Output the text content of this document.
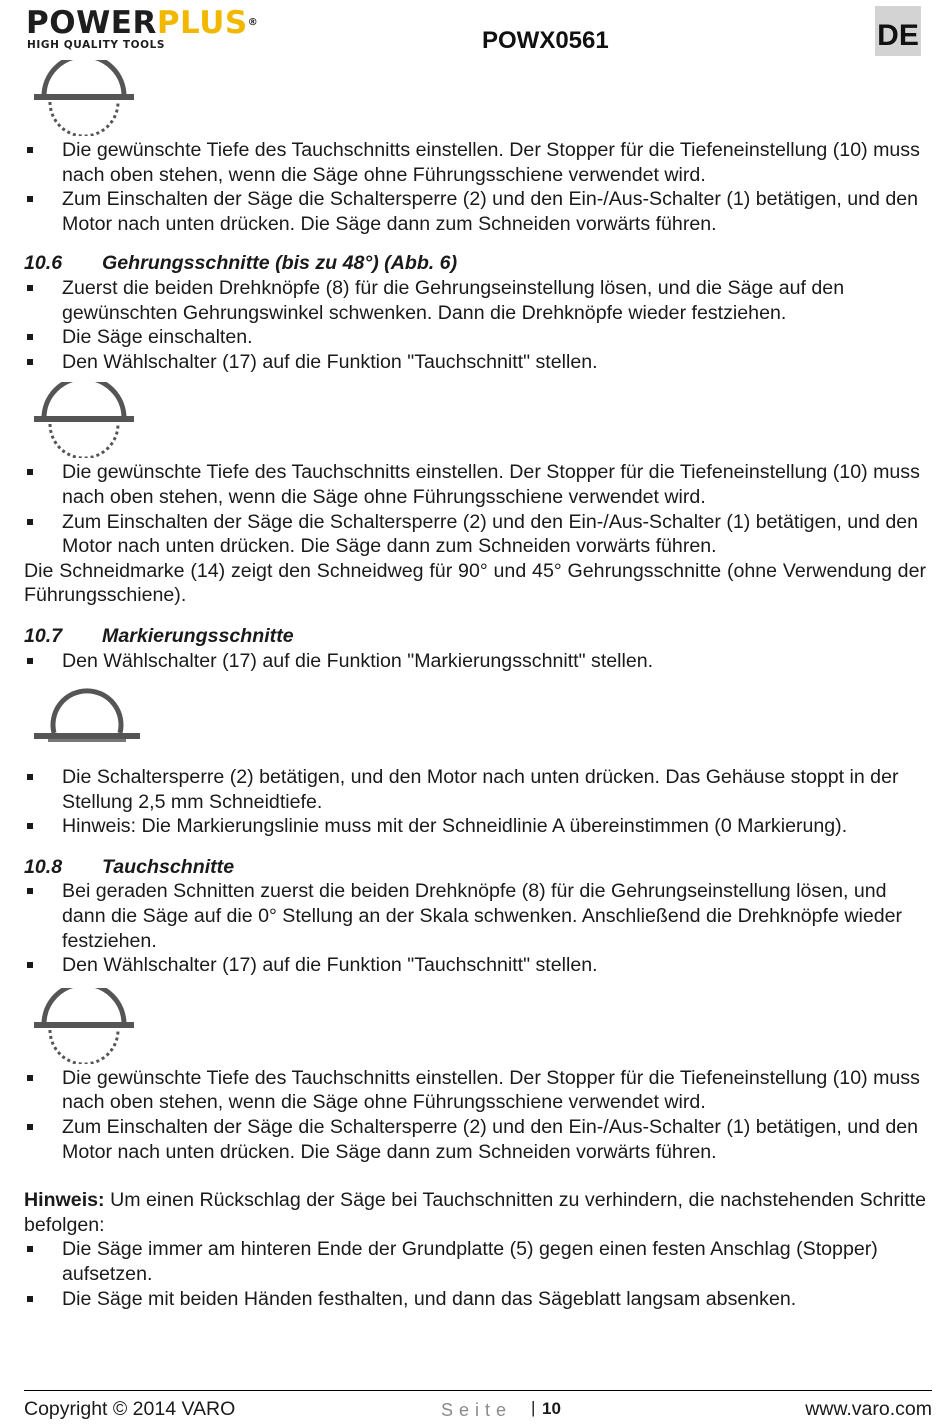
POWERPLUS®
HIGH QUALITY TOOLS	POWX0561	DE
Die gewünschte Tiefe des Tauchschnitts einstellen. Der Stopper für die Tiefeneinstellung (10) muss nach oben stehen, wenn die Säge ohne Führungsschiene verwendet wird.
Zum Einschalten der Säge die Schaltersperre (2) und den Ein-/Aus-Schalter (1) betätigen, und den Motor nach unten drücken. Die Säge dann zum Schneiden vorwärts führen.
10.6 Gehrungsschnitte (bis zu 48°) (Abb. 6)
Zuerst die beiden Drehknöpfe (8) für die Gehrungseinstellung lösen, und die Säge auf den gewünschten Gehrungswinkel schwenken. Dann die Drehknöpfe wieder festziehen.
Die Säge einschalten.
Den Wählschalter (17) auf die Funktion "Tauchschnitt" stellen.
Die gewünschte Tiefe des Tauchschnitts einstellen. Der Stopper für die Tiefeneinstellung (10) muss nach oben stehen, wenn die Säge ohne Führungsschiene verwendet wird.
Zum Einschalten der Säge die Schaltersperre (2) und den Ein-/Aus-Schalter (1) betätigen, und den Motor nach unten drücken. Die Säge dann zum Schneiden vorwärts führen.
Die Schneidmarke (14) zeigt den Schneidweg für 90° und 45° Gehrungsschnitte (ohne Verwendung der Führungsschiene).
10.7 Markierungsschnitte
Den Wählschalter (17) auf die Funktion "Markierungsschnitt" stellen.
Die Schaltersperre (2) betätigen, und den Motor nach unten drücken. Das Gehäuse stoppt in der Stellung 2,5 mm Schneidtiefe.
Hinweis: Die Markierungslinie muss mit der Schneidlinie A übereinstimmen (0 Markierung).
10.8 Tauchschnitte
Bei geraden Schnitten zuerst die beiden Drehknöpfe (8) für die Gehrungseinstellung lösen, und dann die Säge auf die 0° Stellung an der Skala schwenken. Anschließend die Drehknöpfe wieder festziehen.
Den Wählschalter (17) auf die Funktion "Tauchschnitt" stellen.
Die gewünschte Tiefe des Tauchschnitts einstellen. Der Stopper für die Tiefeneinstellung (10) muss nach oben stehen, wenn die Säge ohne Führungsschiene verwendet wird.
Zum Einschalten der Säge die Schaltersperre (2) und den Ein-/Aus-Schalter (1) betätigen, und den Motor nach unten drücken. Die Säge dann zum Schneiden vorwärts führen.
Hinweis: Um einen Rückschlag der Säge bei Tauchschnitten zu verhindern, die nachstehenden Schritte befolgen:
Die Säge immer am hinteren Ende der Grundplatte (5) gegen einen festen Anschlag (Stopper) aufsetzen.
Die Säge mit beiden Händen festhalten, und dann das Sägeblatt langsam absenken.
Copyright © 2014 VARO	Seite | 10	www.varo.com
